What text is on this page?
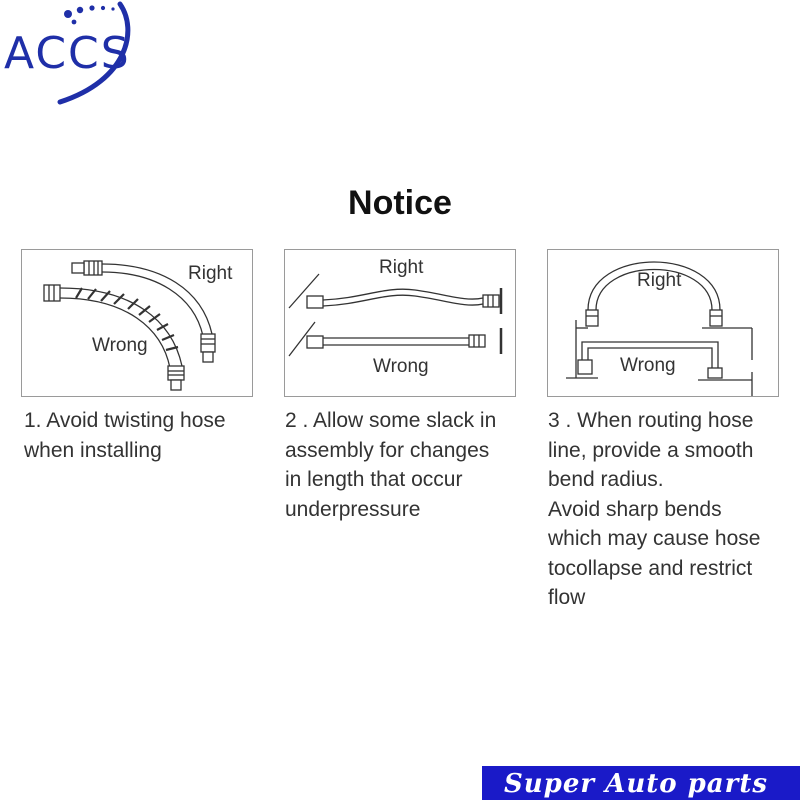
ACCS
Notice
Right
Wrong
Right
Wrong
Right
Wrong
1. Avoid twisting hose
when installing
2 . Allow some slack in
assembly for changes
in length that occur
underpressure
3 . When routing hose
line, provide a smooth
bend radius.
Avoid sharp bends
which may cause hose
tocollapse and restrict
flow
Super Auto parts
